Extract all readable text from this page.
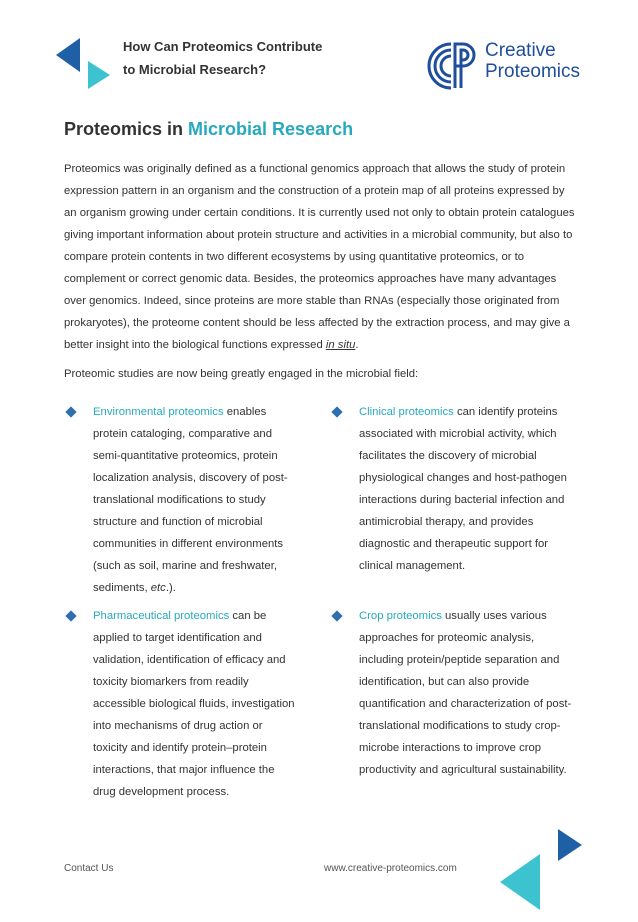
How Can Proteomics Contribute
to Microbial Research?
Creative
Proteomics
Proteomics in Microbial Research
Proteomics was originally defined as a functional genomics approach that allows the study of protein expression pattern in an organism and the construction of a protein map of all proteins expressed by an organism growing under certain conditions. It is currently used not only to obtain protein catalogues giving important information about protein structure and activities in a microbial community, but also to compare protein contents in two different ecosystems by using quantitative proteomics, or to complement or correct genomic data. Besides, the proteomics approaches have many advantages over genomics. Indeed, since proteins are more stable than RNAs (especially those originated from prokaryotes), the proteome content should be less affected by the extraction process, and may give a better insight into the biological functions expressed in situ.
Proteomic studies are now being greatly engaged in the microbial field:
Environmental proteomics enables protein cataloging, comparative and semi-quantitative proteomics, protein localization analysis, discovery of post-translational modifications to study structure and function of microbial communities in different environments (such as soil, marine and freshwater, sediments, etc.).
Clinical proteomics can identify proteins associated with microbial activity, which facilitates the discovery of microbial physiological changes and host-pathogen interactions during bacterial infection and antimicrobial therapy, and provides diagnostic and therapeutic support for clinical management.
Pharmaceutical proteomics can be applied to target identification and validation, identification of efficacy and toxicity biomarkers from readily accessible biological fluids, investigation into mechanisms of drug action or toxicity and identify protein–protein interactions, that major influence the drug development process.
Crop proteomics usually uses various approaches for proteomic analysis, including protein/peptide separation and identification, but can also provide quantification and characterization of post-translational modifications to study crop-microbe interactions to improve crop productivity and agricultural sustainability.
Contact Us	www.creative-proteomics.com
